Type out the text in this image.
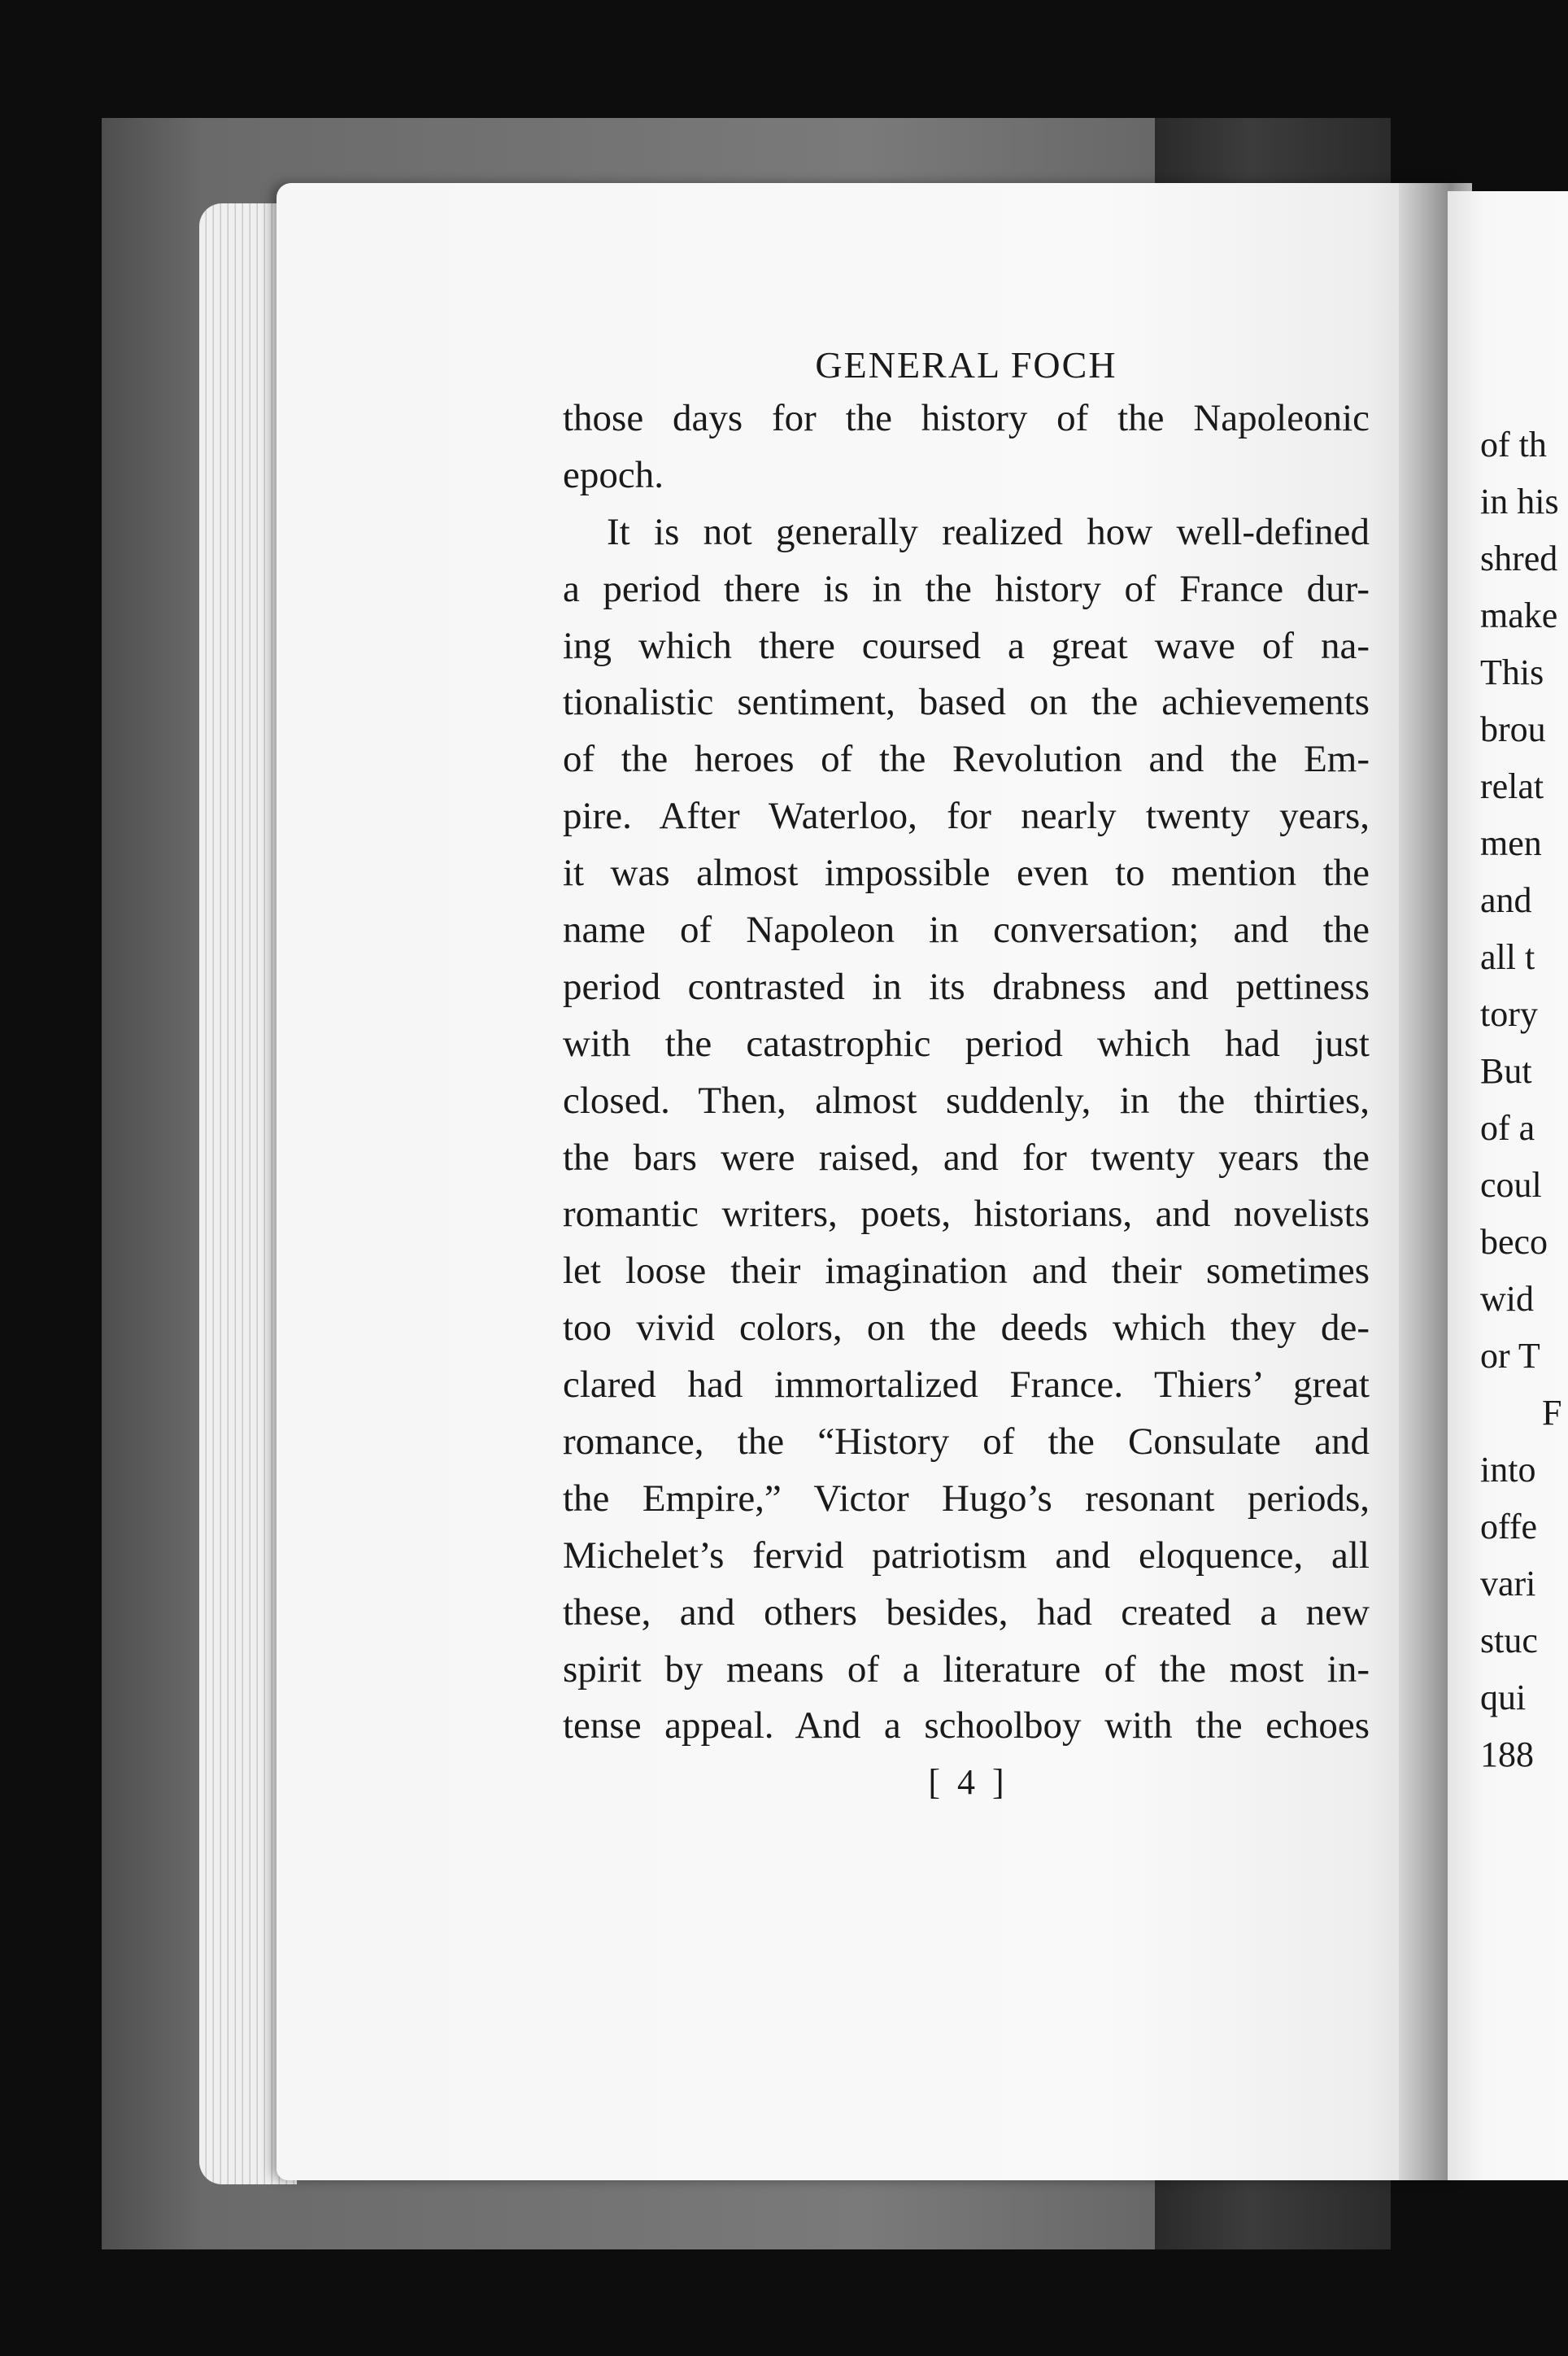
GENERAL FOCH
those days for the history of the Napoleonic
epoch.
It is not generally realized how well-defined
a period there is in the history of France dur-
ing which there coursed a great wave of na-
tionalistic sentiment, based on the achievements
of the heroes of the Revolution and the Em-
pire. After Waterloo, for nearly twenty years,
it was almost impossible even to mention the
name of Napoleon in conversation; and the
period contrasted in its drabness and pettiness
with the catastrophic period which had just
closed. Then, almost suddenly, in the thirties,
the bars were raised, and for twenty years the
romantic writers, poets, historians, and novelists
let loose their imagination and their sometimes
too vivid colors, on the deeds which they de-
clared had immortalized France. Thiers’ great
romance, the “History of the Consulate and
the Empire,” Victor Hugo’s resonant periods,
Michelet’s fervid patriotism and eloquence, all
these, and others besides, had created a new
spirit by means of a literature of the most in-
tense appeal. And a schoolboy with the echoes
[ 4 ]
of th
in his
shred
make
This
brou
relat
men
and
all t
tory
But
of a
coul
beco
wid
or T
F
into
offe
vari
stuc
qui
188
